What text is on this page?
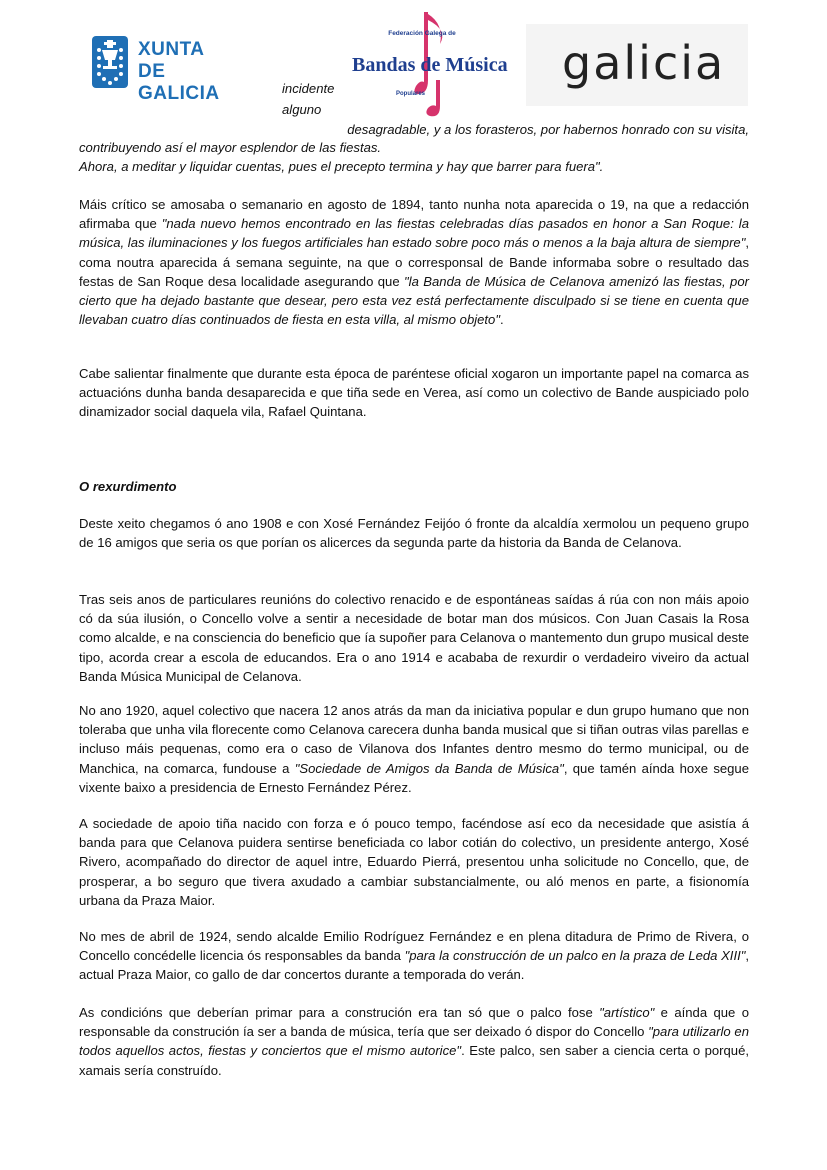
XUNTA
DE GALICIA
Federación Galega de
Bandas de Música
Populares
galicia
incidente
alguno
desagradable, y a los forasteros, por habernos honrado con su visita,
contribuyendo así el mayor esplendor de las fiestas.
Ahora, a meditar y liquidar cuentas, pues el precepto termina y hay que barrer para fuera".
Máis crítico se amosaba o semanario en agosto de 1894, tanto nunha nota aparecida o 19, na que a redacción afirmaba que "nada nuevo hemos encontrado en las fiestas celebradas días pasados en honor a San Roque: la música, las iluminaciones y los fuegos artificiales han estado sobre poco más o menos a la baja altura de siempre", coma noutra aparecida á semana seguinte, na que o corresponsal de Bande informaba sobre o resultado das festas de San Roque desa localidade asegurando que "la Banda de Música de Celanova amenizó las fiestas, por cierto que ha dejado bastante que desear, pero esta vez está perfectamente disculpado si se tiene en cuenta que llevaban cuatro días continuados de fiesta en esta villa, al mismo objeto".
Cabe salientar finalmente que durante esta época de paréntese oficial xogaron un importante papel na comarca as actuacións dunha banda desaparecida e que tiña sede en Verea, así como un colectivo de Bande auspiciado polo dinamizador social daquela vila, Rafael Quintana.
O rexurdimento
Deste xeito chegamos ó ano 1908 e con Xosé Fernández Feijóo ó fronte da alcaldía xermolou un pequeno grupo de 16 amigos que seria os que porían os alicerces da segunda parte da historia da Banda de Celanova.
Tras seis anos de particulares reunións do colectivo renacido e de espontáneas saídas á rúa con non máis apoio có da súa ilusión, o Concello volve a sentir a necesidade de botar man dos músicos. Con Juan Casais la Rosa como alcalde, e na consciencia do beneficio que ía supoñer para Celanova o mantemento dun grupo musical deste tipo, acorda crear a escola de educandos. Era o ano 1914 e acababa de rexurdir o verdadeiro viveiro da actual Banda Música Municipal de Celanova.
No ano 1920, aquel colectivo que nacera 12 anos atrás da man da iniciativa popular e dun grupo humano que non toleraba que unha vila florecente como Celanova carecera dunha banda musical que si tiñan outras vilas parellas e incluso máis pequenas, como era o caso de Vilanova dos Infantes dentro mesmo do termo municipal, ou de Manchica, na comarca, fundouse a "Sociedade de Amigos da Banda de Música", que tamén aínda hoxe segue vixente baixo a presidencia de Ernesto Fernández Pérez.
A sociedade de apoio tiña nacido con forza e ó pouco tempo, facéndose así eco da necesidade que asistía á banda para que Celanova puidera sentirse beneficiada co labor cotián do colectivo, un presidente antergo, Xosé Rivero, acompañado do director de aquel intre, Eduardo Pierrá, presentou unha solicitude no Concello, que, de prosperar, a bo seguro que tivera axudado a cambiar substancialmente, ou aló menos en parte, a fisionomía urbana da Praza Maior.
No mes de abril de 1924, sendo alcalde Emilio Rodríguez Fernández e en plena ditadura de Primo de Rivera, o Concello concédelle licencia ós responsables da banda "para la construcción de un palco en la praza de Leda XIII", actual Praza Maior, co gallo de dar concertos durante a temporada do verán.
As condicións que deberían primar para a construción era tan só que o palco fose "artístico" e aínda que o responsable da construción ía ser a banda de música, tería que ser deixado ó dispor do Concello "para utilizarlo en todos aquellos actos, fiestas y conciertos que el mismo autorice". Este palco, sen saber a ciencia certa o porqué, xamais sería construído.
